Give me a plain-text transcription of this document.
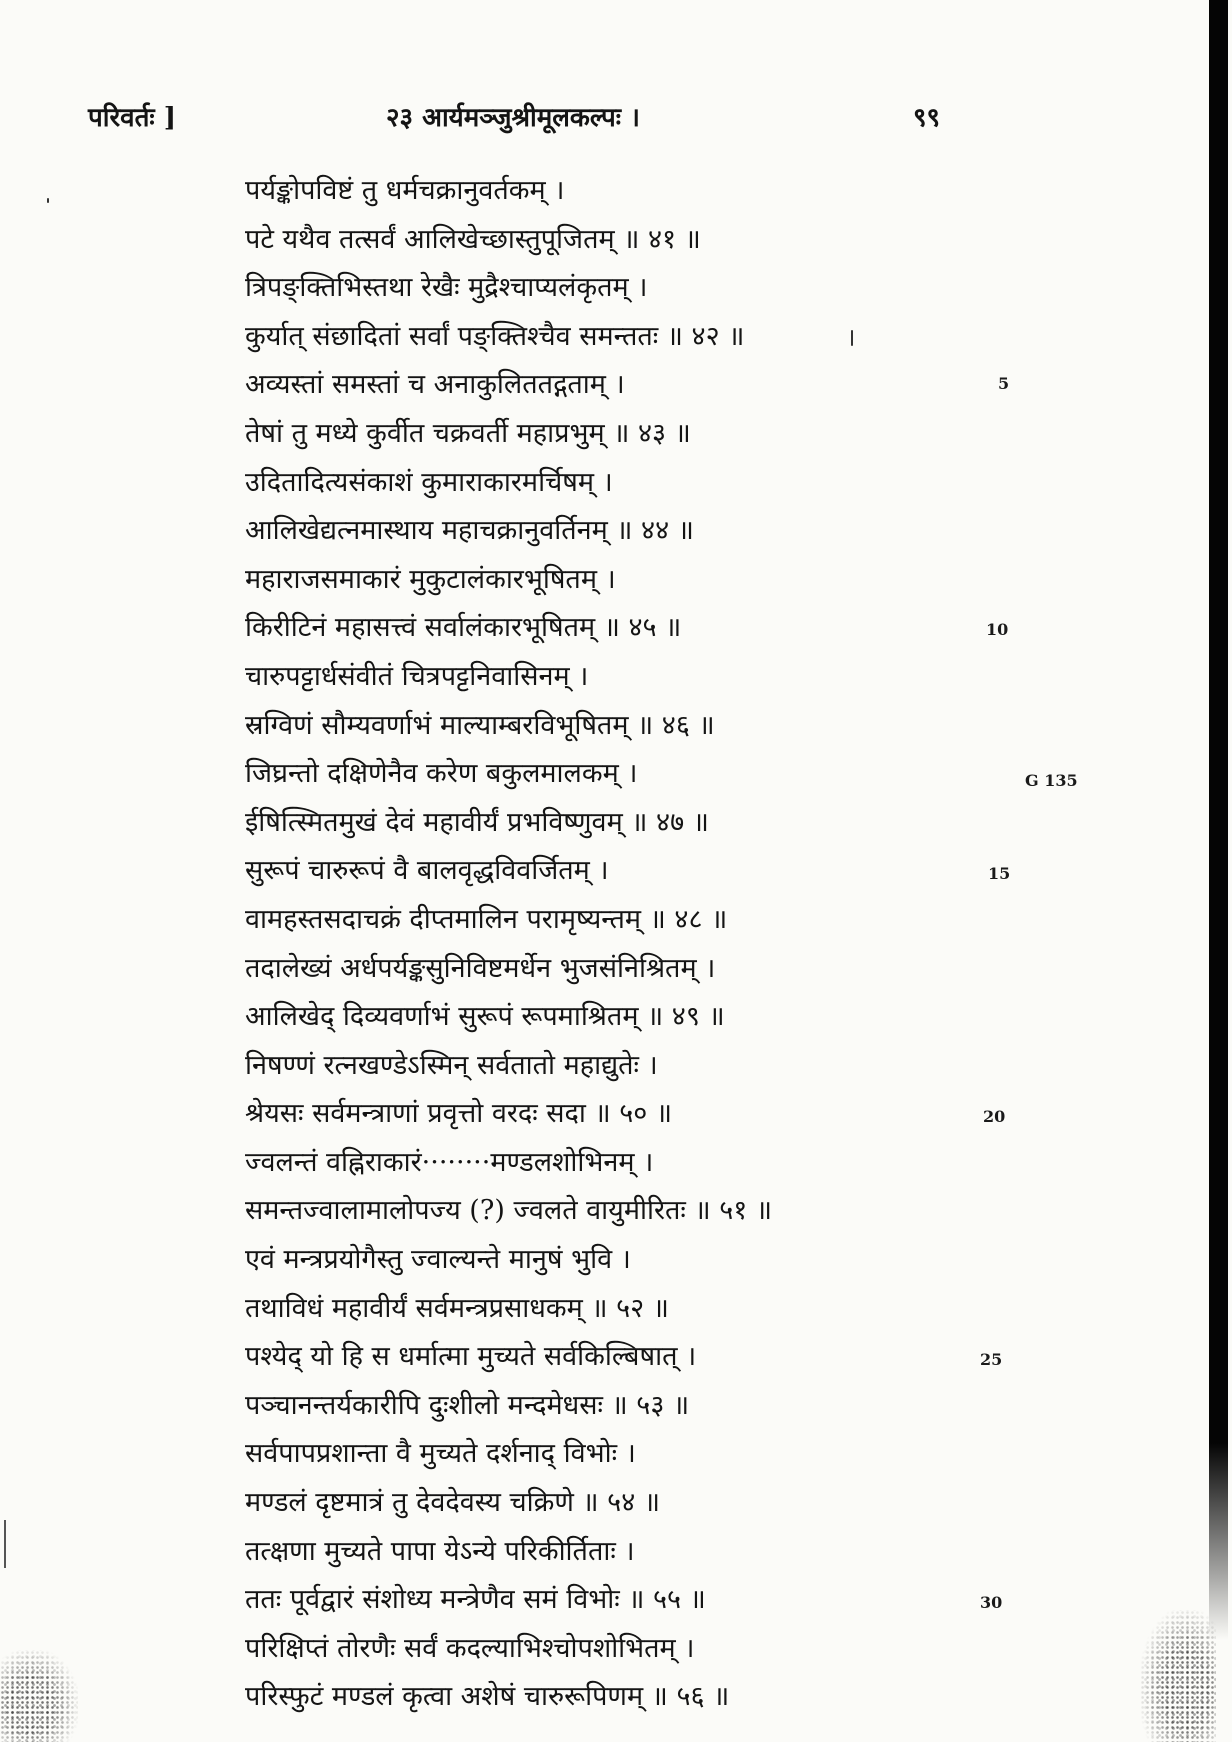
परिवर्तः ]	२३ आर्यमञ्जुश्रीमूलकल्पः ।	९९
पर्यङ्कोपविष्टं तु धर्मचक्रानुवर्तकम् ।
पटे यथैव तत्सर्वं आलिखेच्छास्तुपूजितम् ॥ ४१ ॥
त्रिपङ्क्तिभिस्तथा रेखैः मुद्रैश्चाप्यलंकृतम् ।
कुर्यात् संछादितां सर्वां पङ्क्तिश्चैव समन्ततः ॥ ४२ ॥
अव्यस्तां समस्तां च अनाकुलिततद्गताम् ।
तेषां तु मध्ये कुर्वीत चक्रवर्ती महाप्रभुम् ॥ ४३ ॥
उदितादित्यसंकाशं कुमाराकारमर्चिषम् ।
आलिखेद्यत्नमास्थाय महाचक्रानुवर्तिनम् ॥ ४४ ॥
महाराजसमाकारं मुकुटालंकारभूषितम् ।
किरीटिनं महासत्त्वं सर्वालंकारभूषितम् ॥ ४५ ॥
चारुपट्टार्धसंवीतं चित्रपट्टनिवासिनम् ।
स्रग्विणं सौम्यवर्णाभं माल्याम्बरविभूषितम् ॥ ४६ ॥
जिघ्रन्तो दक्षिणेनैव करेण बकुलमालकम् ।
ईषित्स्मितमुखं देवं महावीर्यं प्रभविष्णुवम् ॥ ४७ ॥
सुरूपं चारुरूपं वै बालवृद्धविवर्जितम् ।
वामहस्तसदाचक्रं दीप्तमालिन परामृष्यन्तम् ॥ ४८ ॥
तदालेख्यं अर्धपर्यङ्कसुनिविष्टमर्धेन भुजसंनिश्रितम् ।
आलिखेद् दिव्यवर्णाभं सुरूपं रूपमाश्रितम् ॥ ४९ ॥
निषण्णं रत्नखण्डेऽस्मिन् सर्वतातो महाद्युतेः ।
श्रेयसः सर्वमन्त्राणां प्रवृत्तो वरदः सदा ॥ ५० ॥
ज्वलन्तं वह्निराकारं········मण्डलशोभिनम् ।
समन्तज्वालामालोपज्य (?) ज्वलते वायुमीरितः ॥ ५१ ॥
एवं मन्त्रप्रयोगैस्तु ज्वाल्यन्ते मानुषं भुवि ।
तथाविधं महावीर्यं सर्वमन्त्रप्रसाधकम् ॥ ५२ ॥
पश्येद् यो हि स धर्मात्मा मुच्यते सर्वकिल्बिषात् ।
पञ्चानन्तर्यकारीपि दुःशीलो मन्दमेधसः ॥ ५३ ॥
सर्वपापप्रशान्ता वै मुच्यते दर्शनाद् विभोः ।
मण्डलं दृष्टमात्रं तु देवदेवस्य चक्रिणे ॥ ५४ ॥
तत्क्षणा मुच्यते पापा येऽन्ये परिकीर्तिताः ।
ततः पूर्वद्वारं संशोध्य मन्त्रेणैव समं विभोः ॥ ५५ ॥
परिक्षिप्तं तोरणैः सर्वं कदल्याभिश्चोपशोभितम् ।
परिस्फुटं मण्डलं कृत्वा अशेषं चारुरूपिणम् ॥ ५६ ॥
5
10
G 135
15
20
25
30
